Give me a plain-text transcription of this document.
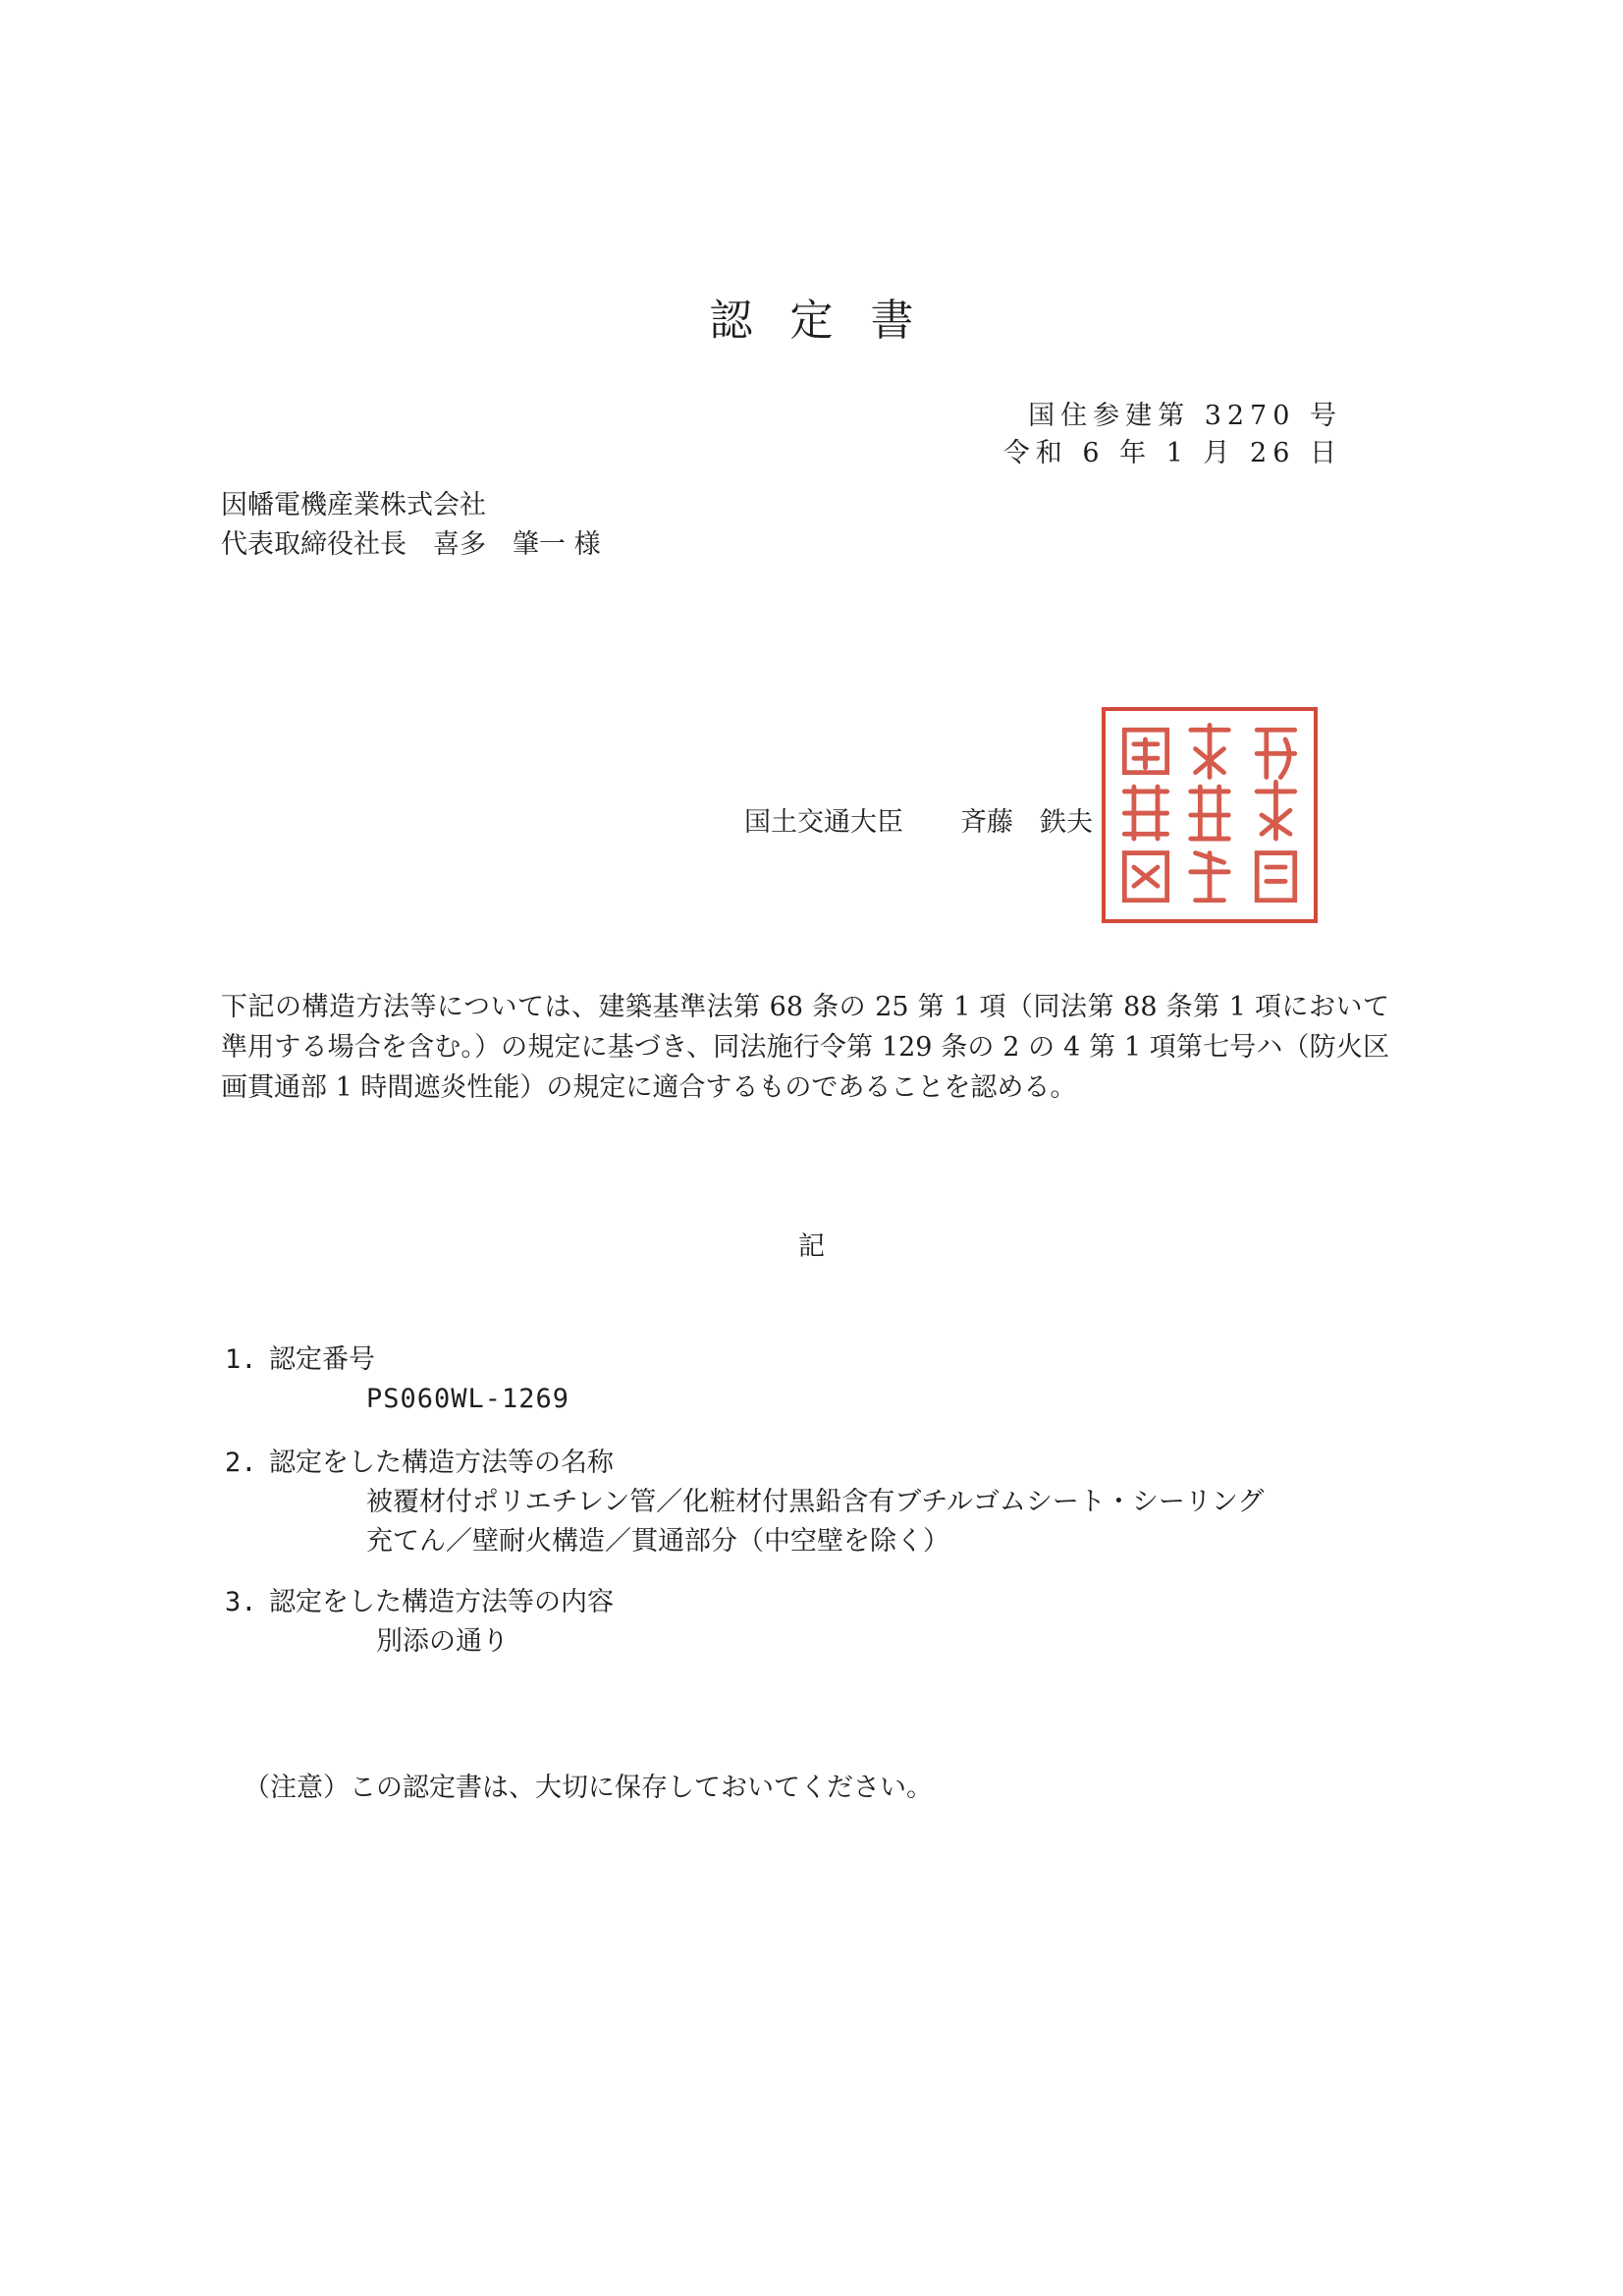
認定書
国住参建第 3270 号
令和 6 年 1 月 26 日
因幡電機産業株式会社
代表取締役社長　喜多　肇一 様
国土交通大臣 斉藤　鉄夫
下記の構造方法等については、建築基準法第 68 条の 25 第 1 項（同法第 88 条第 1 項において準用する場合を含む。）の規定に基づき、同法施行令第 129 条の 2 の 4 第 1 項第七号ハ（防火区画貫通部 1 時間遮炎性能）の規定に適合するものであることを認める。
記
1. 認定番号
PS060WL-1269
2. 認定をした構造方法等の名称
被覆材付ポリエチレン管／化粧材付黒鉛含有ブチルゴムシート・シーリング
充てん／壁耐火構造／貫通部分（中空壁を除く）
3. 認定をした構造方法等の内容
別添の通り
（注意）この認定書は、大切に保存しておいてください。
